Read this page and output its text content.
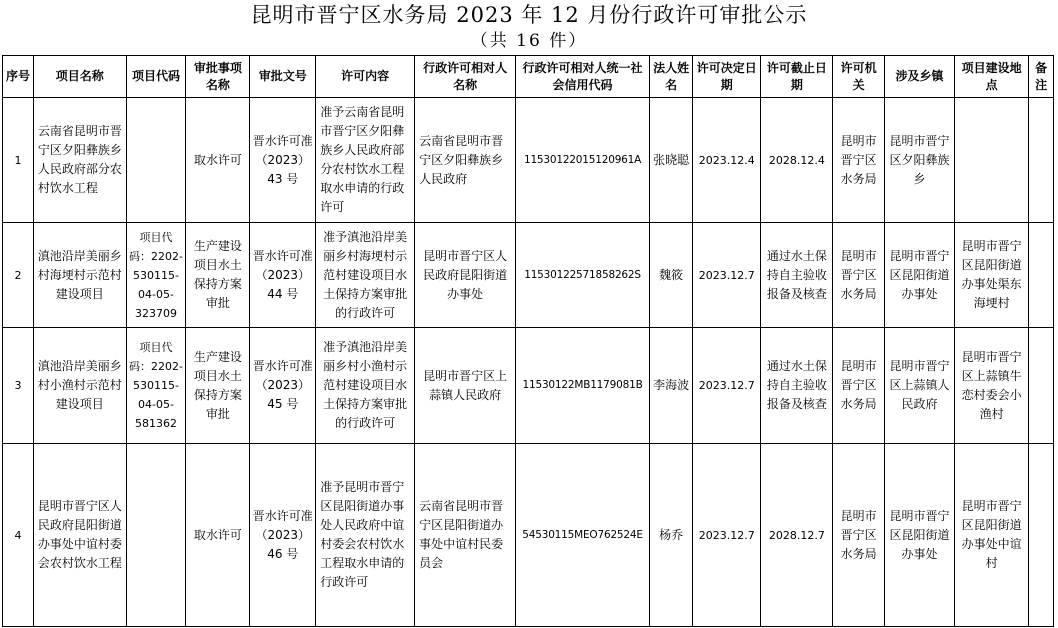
昆明市晋宁区水务局 2023 年 12 月份行政许可审批公示
（共 16 件）
序号	项目名称	项目代码	审批事项名称	审批文号	许可内容	行政许可相对人名称	行政许可相对人统一社会信用代码	法人姓名	许可决定日期	许可截止日期	许可机关	涉及乡镇	项目建设地点	备注
1	云南省昆明市晋宁区夕阳彝族乡人民政府部分农村饮水工程		取水许可	晋水许可准（2023）43 号	准予云南省昆明市晋宁区夕阳彝族乡人民政府部分农村饮水工程取水申请的行政许可	云南省昆明市晋宁区夕阳彝族乡人民政府	11530122015120961A	张晓聪	2023.12.4	2028.12.4	昆明市晋宁区水务局	昆明市晋宁区夕阳彝族乡		
2	滇池沿岸美丽乡村海埂村示范村建设项目	项目代码：2202-530115-04-05-323709	生产建设项目水土保持方案审批	晋水许可准（2023）44 号	准予滇池沿岸美丽乡村海埂村示范村建设项目水土保持方案审批的行政许可	昆明市晋宁区人民政府昆阳街道办事处	11530122571858262S	魏筱	2023.12.7	通过水土保持自主验收报备及核查	昆明市晋宁区水务局	昆明市晋宁区昆阳街道办事处	昆明市晋宁区昆阳街道办事处渠东海埂村	
3	滇池沿岸美丽乡村小渔村示范村建设项目	项目代码：2202-530115-04-05-581362	生产建设项目水土保持方案审批	晋水许可准（2023）45 号	准予滇池沿岸美丽乡村小渔村示范村建设项目水土保持方案审批的行政许可	昆明市晋宁区上蒜镇人民政府	11530122MB1179081B	李海波	2023.12.7	通过水土保持自主验收报备及核查	昆明市晋宁区水务局	昆明市晋宁区上蒜镇人民政府	昆明市晋宁区上蒜镇牛恋村委会小渔村	
4	昆明市晋宁区人民政府昆阳街道办事处中谊村委会农村饮水工程		取水许可	晋水许可准（2023）46 号	准予昆明市晋宁区昆阳街道办事处人民政府中谊村委会农村饮水工程取水申请的行政许可	云南省昆明市晋宁区昆阳街道办事处中谊村民委员会	54530115MEO762524E	杨乔	2023.12.7	2028.12.7	昆明市晋宁区水务局	昆明市晋宁区昆阳街道办事处	昆明市晋宁区昆阳街道办事处中谊村	
